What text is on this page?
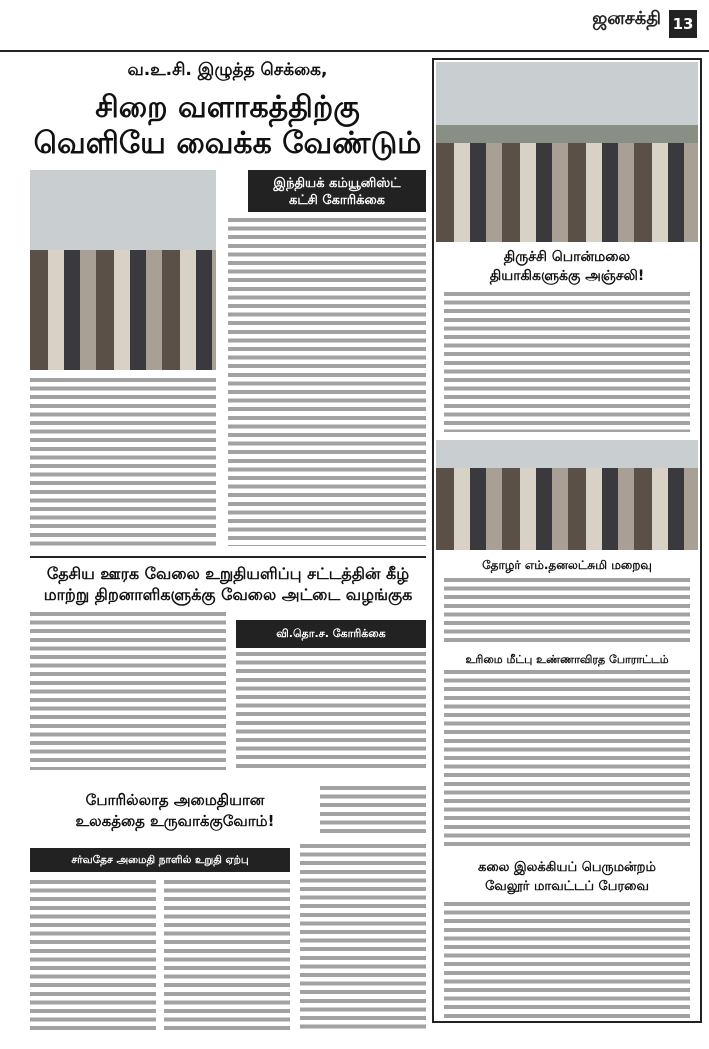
ஜனசக்தி 13
வ.உ.சி. இழுத்த செக்கை,
சிறை வளாகத்திற்கு
வெளியே வைக்க வேண்டும்
இந்தியக் கம்யூனிஸ்ட்
கட்சி கோரிக்கை
தேசிய ஊரக வேலை உறுதியளிப்பு சட்டத்தின் கீழ்
மாற்று திறனாளிகளுக்கு வேலை அட்டை வழங்குக
வி.தொ.ச. கோரிக்கை
போரில்லாத அமைதியான
உலகத்தை உருவாக்குவோம்!
சர்வதேச அமைதி நாளில் உறுதி ஏற்பு
திருச்சி பொன்மலை
தியாகிகளுக்கு அஞ்சலி!
தோழர் எம்.தனலட்சுமி மறைவு
உரிமை மீட்பு உண்ணாவிரத போராட்டம்
கலை இலக்கியப் பெருமன்றம்
வேலூர் மாவட்டப் பேரவை
